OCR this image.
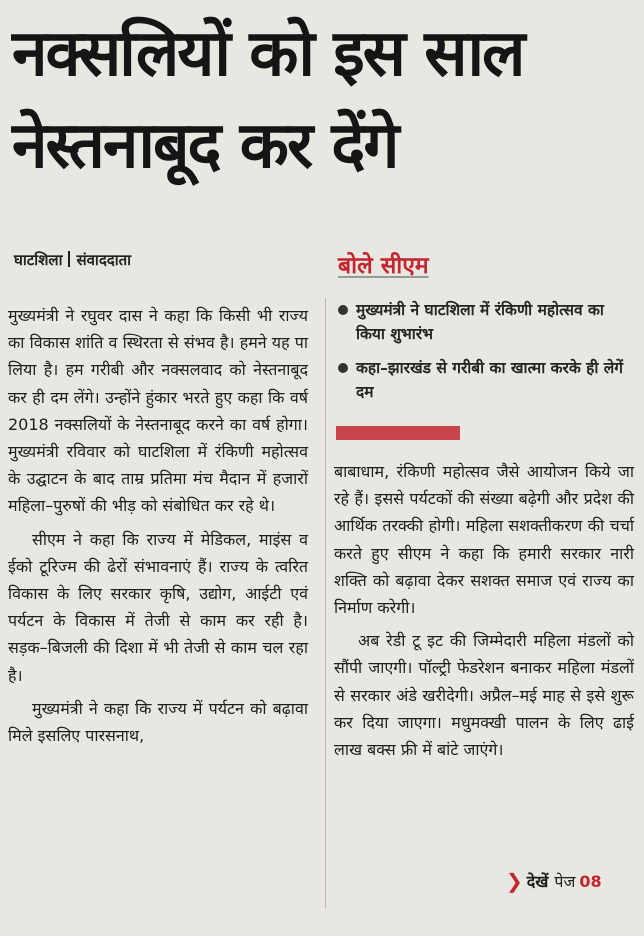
नक्सलियों को इस साल
नेस्तनाबूद कर देंगे
घाटशिला संवाददाता	बोले सीएम
मुख्यमंत्री ने घाटशिला में रंकिणी महोत्सव का किया शुभारंभ
कहा–झारखंड से गरीबी का खात्मा करके ही लेगें दम

मुख्यमंत्री ने रघुवर दास ने कहा कि किसी भी राज्य का विकास शांति व स्थिरता से संभव है। हमने यह पा लिया है। हम गरीबी और नक्सलवाद को नेस्तनाबूद कर ही दम लेंगे। उन्होंने हुंकार भरते हुए कहा कि वर्ष 2018 नक्सलियों के नेस्तनाबूद करने का वर्ष होगा। मुख्यमंत्री रविवार को घाटशिला में रंकिणी महोत्सव के उद्घाटन के बाद ताम्र प्रतिमा मंच मैदान में हजारों महिला–पुरुषों की भीड़ को संबोधित कर रहे थे।

सीएम ने कहा कि राज्य में मेडिकल, माइंस व ईको टूरिज्म की ढेरों संभावनाएं हैं। राज्य के त्वरित विकास के लिए सरकार कृषि, उद्योग, आईटी एवं पर्यटन के विकास में तेजी से काम कर रही है। सड़क–बिजली की दिशा में भी तेजी से काम चल रहा है।

मुख्यमंत्री ने कहा कि राज्य में पर्यटन को बढ़ावा मिले इसलिए पारसनाथ,

बाबाधाम, रंकिणी महोत्सव जैसे आयोजन किये जा रहे हैं। इससे पर्यटकों की संख्या बढ़ेगी और प्रदेश की आर्थिक तरक्की होगी। महिला सशक्तीकरण की चर्चा करते हुए सीएम ने कहा कि हमारी सरकार नारी शक्ति को बढ़ावा देकर सशक्त समाज एवं राज्य का निर्माण करेगी।

अब रेडी टू इट की जिम्मेदारी महिला मंडलों को सौंपी जाएगी। पॉल्ट्री फेडरेशन बनाकर महिला मंडलों से सरकार अंडे खरीदेगी। अप्रैल–मई माह से इसे शुरू कर दिया जाएगा। मधुमक्खी पालन के लिए ढाई लाख बक्स फ्री में बांटे जाएंगे।

❯ देखें पेज 08
